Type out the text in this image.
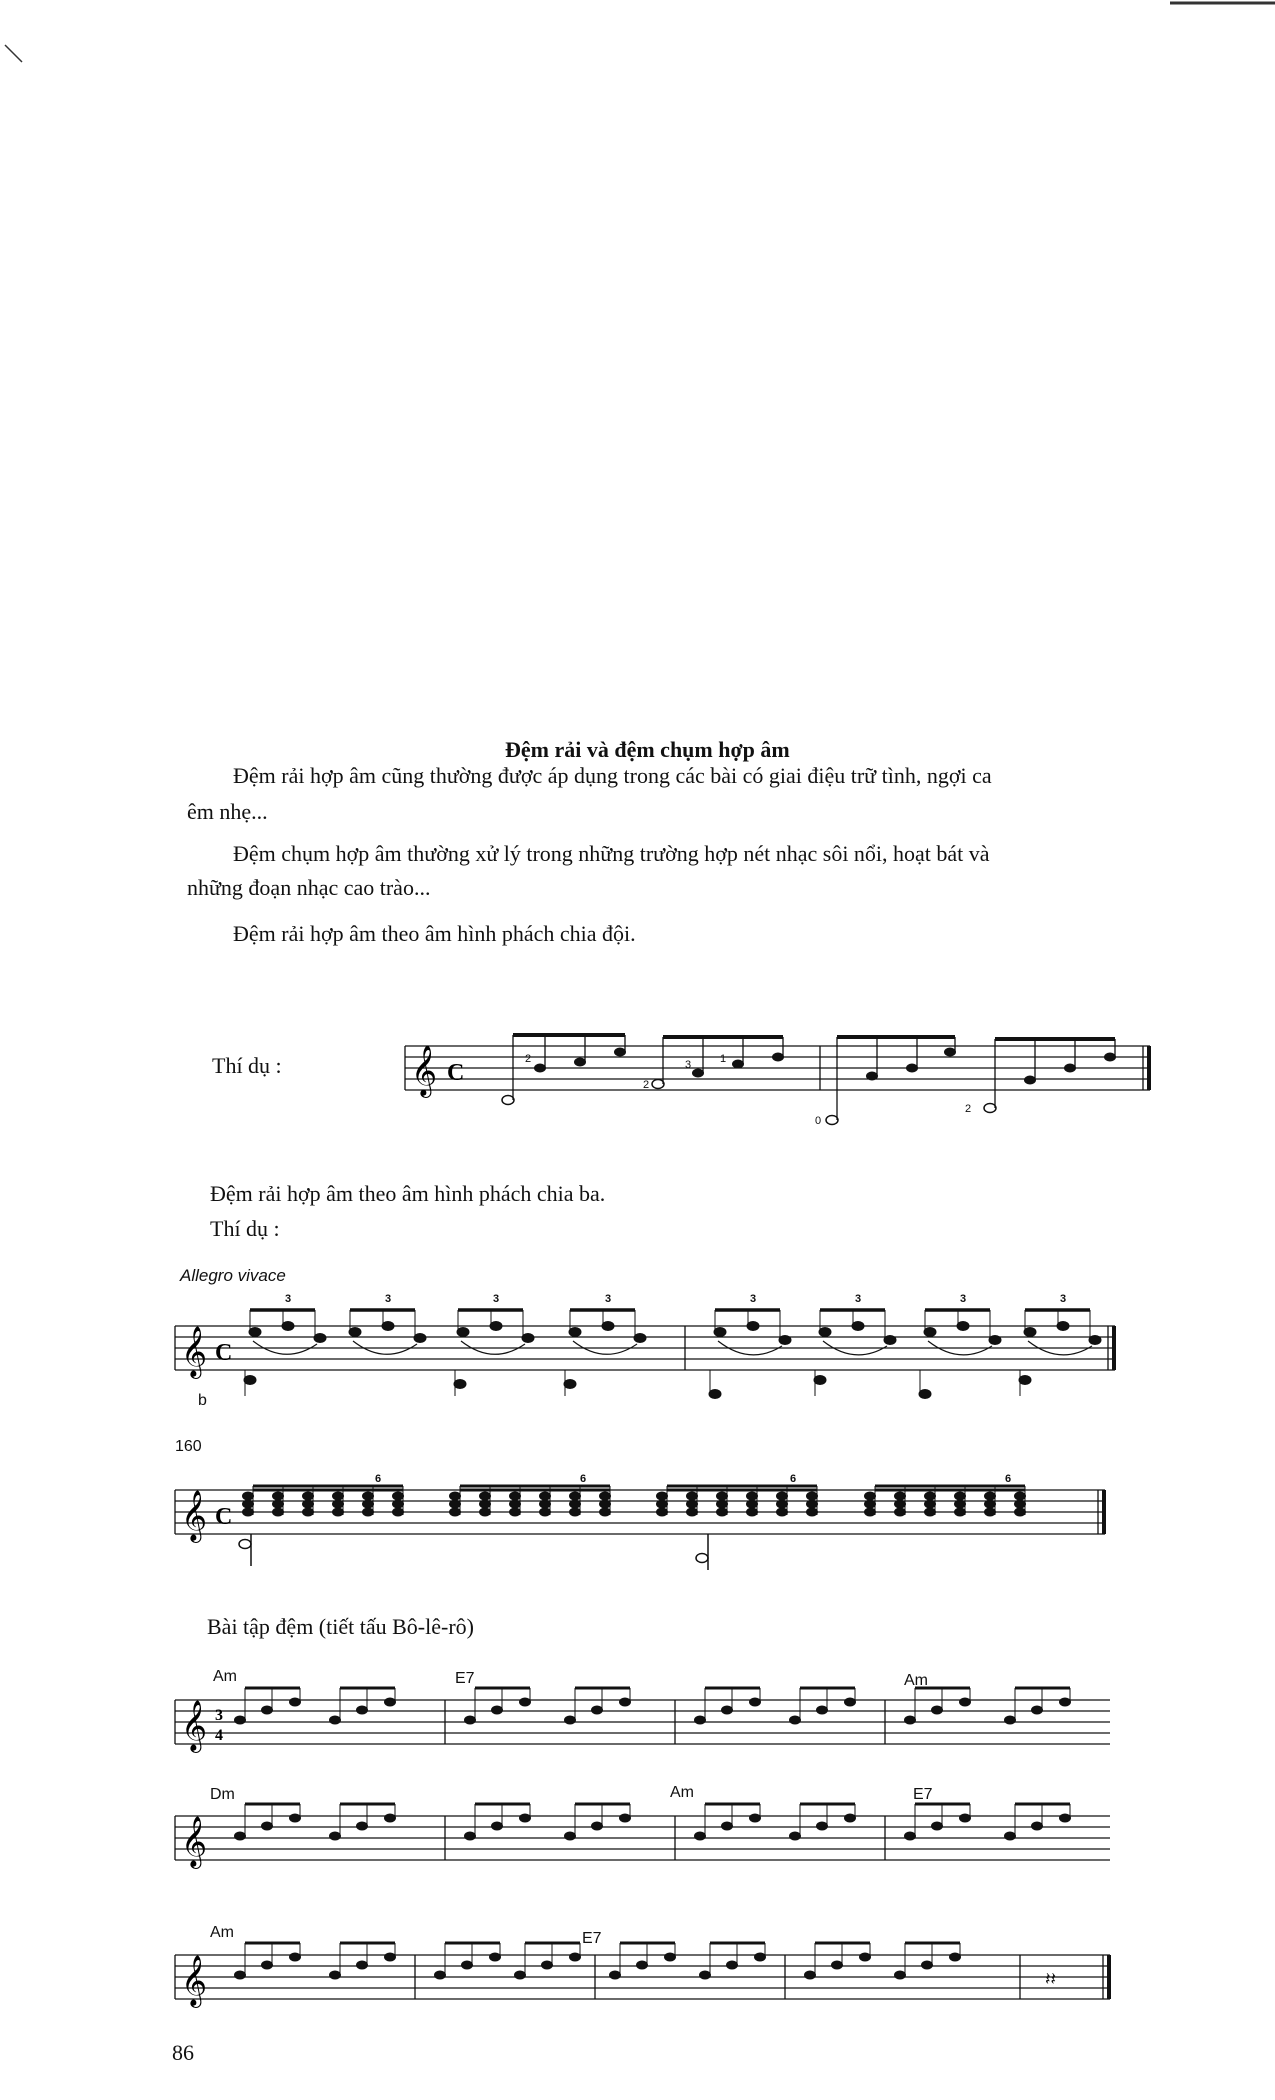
Đệm rải và đệm chụm hợp âm
Đệm rải hợp âm cũng thường được áp dụng trong các bài có giai điệu trữ tình, ngợi ca
êm nhẹ...
Đệm chụm hợp âm thường xử lý trong những trường hợp nét nhạc sôi nổi, hoạt bát và
những đoạn nhạc cao trào...
Đệm rải hợp âm theo âm hình phách chia đội.
Thí dụ :	𝄞 C
2
2
3	1
0
2
Đệm rải hợp âm theo âm hình phách chia ba.
Thí dụ :
Allegro vivace
b
𝄞 C
3	3	3	3	3	3	3	3
160
𝄞 C
6	6	6	6
Bài tập đệm (tiết tấu Bô-lê-rô)
Am	E7	Am
𝄞 3
4
Dm	Am	E7
𝄞
Am	E7
𝄞	𝄽𝄽
86
